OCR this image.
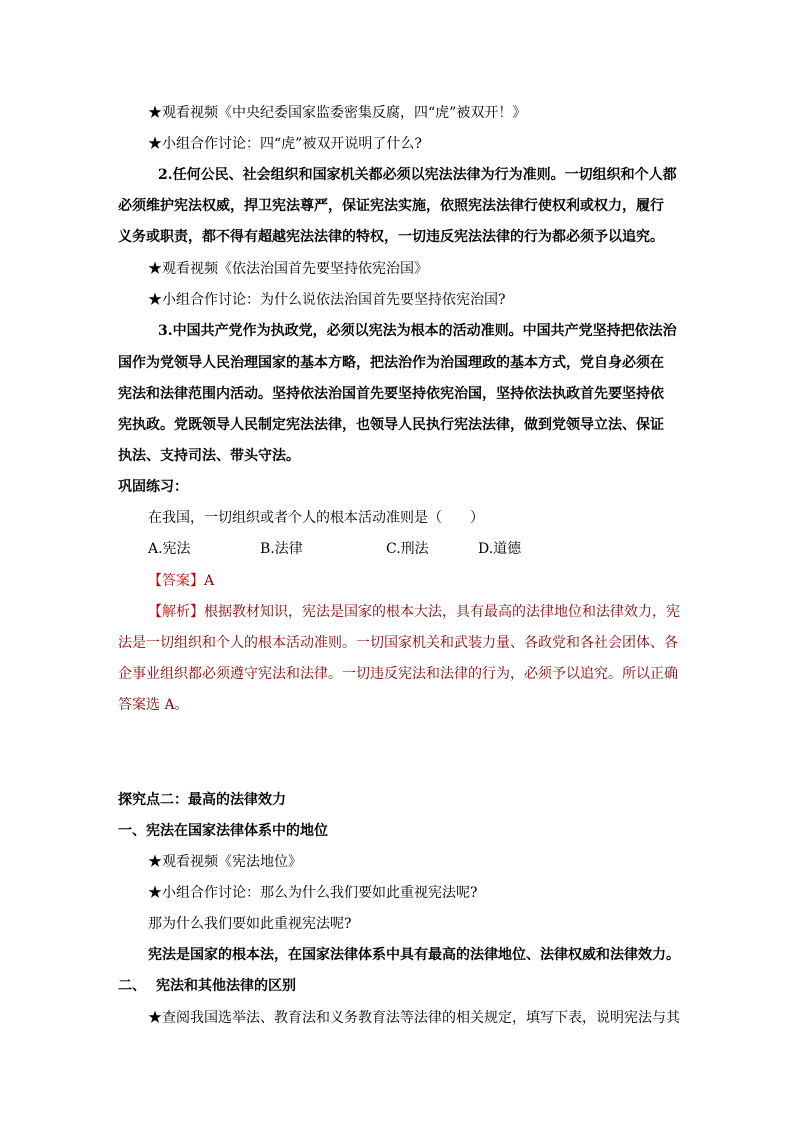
★观看视频《中央纪委国家监委密集反腐，四“虎”被双开！》
★小组合作讨论：四“虎”被双开说明了什么?
2.任何公民、社会组织和国家机关都必须以宪法法律为行为准则。一切组织和个人都
必须维护宪法权威，捍卫宪法尊严，保证宪法实施，依照宪法法律行使权利或权力，履行
义务或职责，都不得有超越宪法法律的特权，一切违反宪法法律的行为都必须予以追究。
★观看视频《依法治国首先要坚持依宪治国》
★小组合作讨论：为什么说依法治国首先要坚持依宪治国?
3.中国共产党作为执政党，必须以宪法为根本的活动准则。中国共产党坚持把依法治
国作为党领导人民治理国家的基本方略，把法治作为治国理政的基本方式，党自身必须在
宪法和法律范围内活动。坚持依法治国首先要坚持依宪治国，坚持依法执政首先要坚持依
宪执政。党既领导人民制定宪法法律，也领导人民执行宪法法律，做到党领导立法、保证
执法、支持司法、带头守法。
巩固练习：
在我国，一切组织或者个人的根本活动准则是（　　）
A.宪法	B.法律	C.刑法	D.道德
【答案】A
【解析】根据教材知识，宪法是国家的根本大法，具有最高的法律地位和法律效力，宪
法是一切组织和个人的根本活动准则。一切国家机关和武装力量、各政党和各社会团体、各
企事业组织都必须遵守宪法和法律。一切违反宪法和法律的行为，必须予以追究。所以正确
答案选 A。
探究点二：最高的法律效力
一、宪法在国家法律体系中的地位
★观看视频《宪法地位》
★小组合作讨论：那么为什么我们要如此重视宪法呢?
那为什么我们要如此重视宪法呢?
宪法是国家的根本法，在国家法律体系中具有最高的法律地位、法律权威和法律效力。
二、 宪法和其他法律的区别
★查阅我国选举法、教育法和义务教育法等法律的相关规定，填写下表，说明宪法与其
